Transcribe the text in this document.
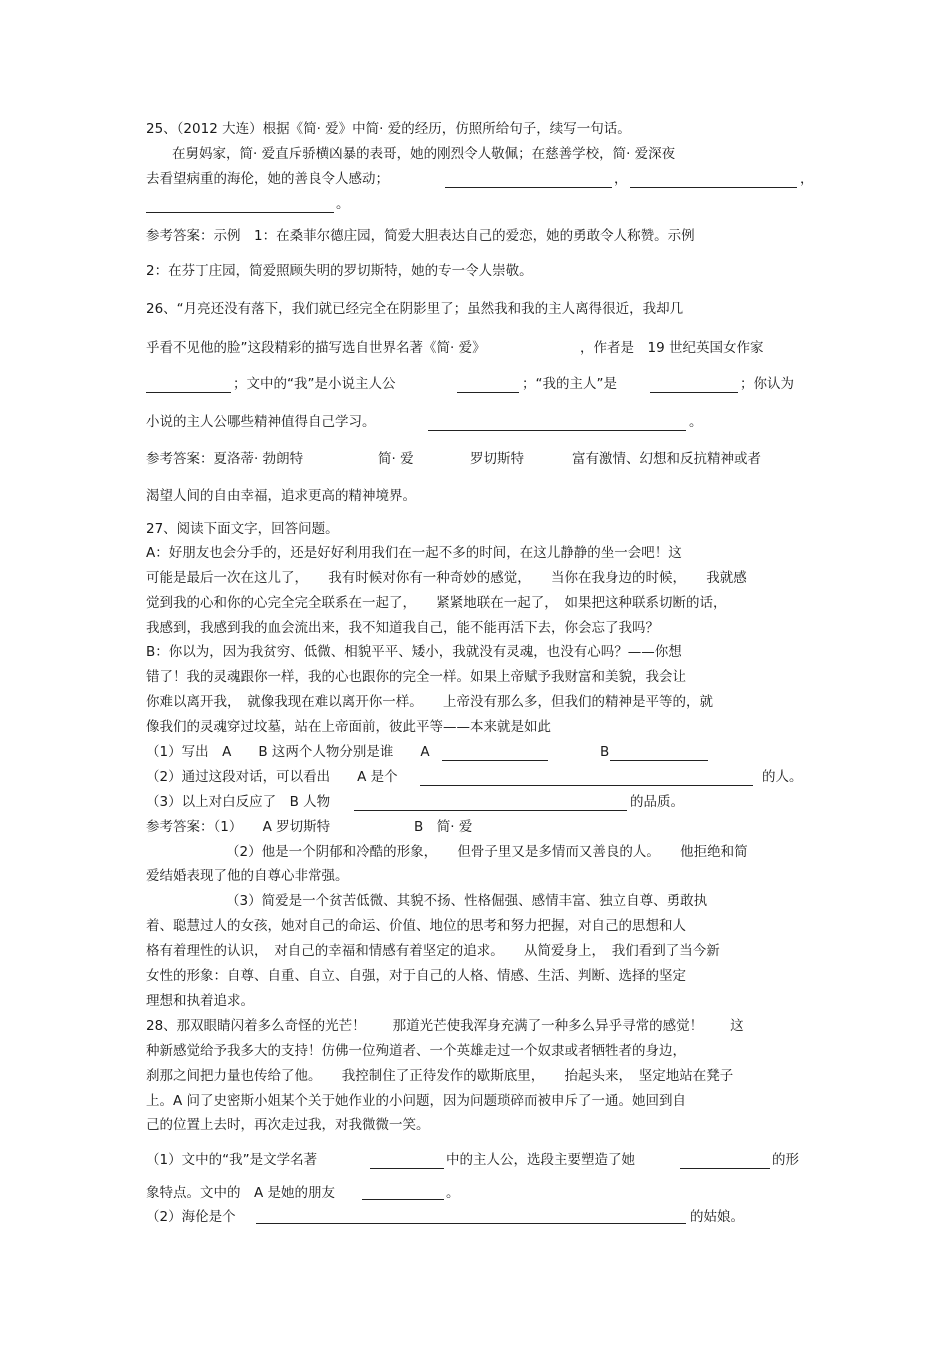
25、（2012 大连）根据《简· 爱》中简· 爱的经历，仿照所给句子，续写一句话。
在舅妈家，简· 爱直斥骄横凶暴的表哥，她的刚烈令人敬佩；在慈善学校，简· 爱深夜
去看望病重的海伦，她的善良令人感动；	，	，
。
参考答案：示例　1：在桑菲尔德庄园，简爱大胆表达自己的爱恋，她的勇敢令人称赞。示例
2：在芬丁庄园，简爱照顾失明的罗切斯特，她的专一令人崇敬。
26、“月亮还没有落下，我们就已经完全在阴影里了；虽然我和我的主人离得很近，我却几
乎看不见他的脸”这段精彩的描写选自世界名著《简· 爱》	，作者是　19 世纪英国女作家
；文中的“我”是小说主人公	；“我的主人”是	；你认为
小说的主人公哪些精神值得自己学习。	。
参考答案：夏洛蒂· 勃朗特	简· 爱	罗切斯特	富有激情、幻想和反抗精神或者
渴望人间的自由幸福，追求更高的精神境界。
27、阅读下面文字，回答问题。
A：好朋友也会分手的，还是好好利用我们在一起不多的时间，在这儿静静的坐一会吧！这
可能是最后一次在这儿了，　　我有时候对你有一种奇妙的感觉，　　当你在我身边的时候，　　我就感
觉到我的心和你的心完全完全联系在一起了，　　紧紧地联在一起了，　如果把这种联系切断的话，
我感到，我感到我的血会流出来，我不知道我自己，能不能再活下去，你会忘了我吗？
B：你以为，因为我贫穷、低微、相貌平平、矮小，我就没有灵魂，也没有心吗？——你想
错了！我的灵魂跟你一样，我的心也跟你的完全一样。如果上帝赋予我财富和美貌，我会让
你难以离开我，　就像我现在难以离开你一样。　　上帝没有那么多，但我们的精神是平等的，就
像我们的灵魂穿过坟墓，站在上帝面前，彼此平等——本来就是如此
（1）写出　A　　B 这两个人物分别是谁　　A	B
（2）通过这段对话，可以看出　　A 是个	的人。
（3）以上对白反应了　B 人物	的品质。
参考答案：（1）　　A 罗切斯特	B　简· 爱
（2）他是一个阴郁和冷酷的形象，　　但骨子里又是多情而又善良的人。　　他拒绝和简
爱结婚表现了他的自尊心非常强。
（3）简爱是一个贫苦低微、其貌不扬、性格倔强、感情丰富、独立自尊、勇敢执
着、聪慧过人的女孩，她对自己的命运、价值、地位的思考和努力把握，对自己的思想和人
格有着理性的认识，　对自己的幸福和情感有着坚定的追求。　　从简爱身上，　我们看到了当今新
女性的形象：自尊、自重、自立、自强，对于自己的人格、情感、生活、判断、选择的坚定
理想和执着追求。
28、那双眼睛闪着多么奇怪的光芒！　　那道光芒使我浑身充满了一种多么异乎寻常的感觉！　　这
种新感觉给予我多大的支持！仿佛一位殉道者、一个英雄走过一个奴隶或者牺牲者的身边，
刹那之间把力量也传给了他。　　我控制住了正待发作的歇斯底里，　　抬起头来，　坚定地站在凳子
上。A 问了史密斯小姐某个关于她作业的小问题，因为问题琐碎而被申斥了一通。她回到自
己的位置上去时，再次走过我，对我微微一笑。
（1）文中的“我”是文学名著	中的主人公，选段主要塑造了她	的形
象特点。文中的　A 是她的朋友	。
（2）海伦是个	的姑娘。
